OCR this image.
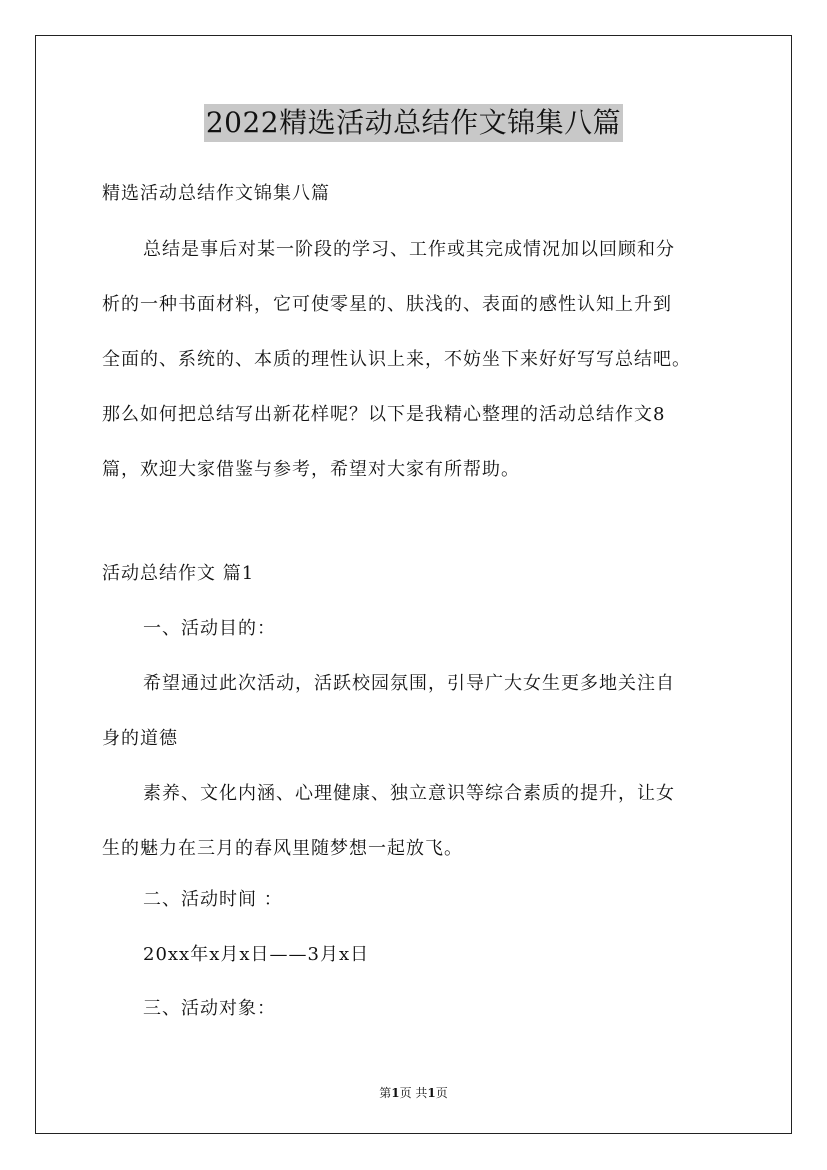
2022精选活动总结作文锦集八篇
精选活动总结作文锦集八篇
总结是事后对某一阶段的学习、工作或其完成情况加以回顾和分
析的一种书面材料，它可使零星的、肤浅的、表面的感性认知上升到
全面的、系统的、本质的理性认识上来，不妨坐下来好好写写总结吧。
那么如何把总结写出新花样呢？以下是我精心整理的活动总结作文8
篇，欢迎大家借鉴与参考，希望对大家有所帮助。
活动总结作文 篇1
一、活动目的：
希望通过此次活动，活跃校园氛围，引导广大女生更多地关注自
身的道德
素养、文化内涵、心理健康、独立意识等综合素质的提升，让女
生的魅力在三月的春风里随梦想一起放飞。
二、活动时间 ：
20xx年x月x日——3月x日
三、活动对象：
第1页 共1页
